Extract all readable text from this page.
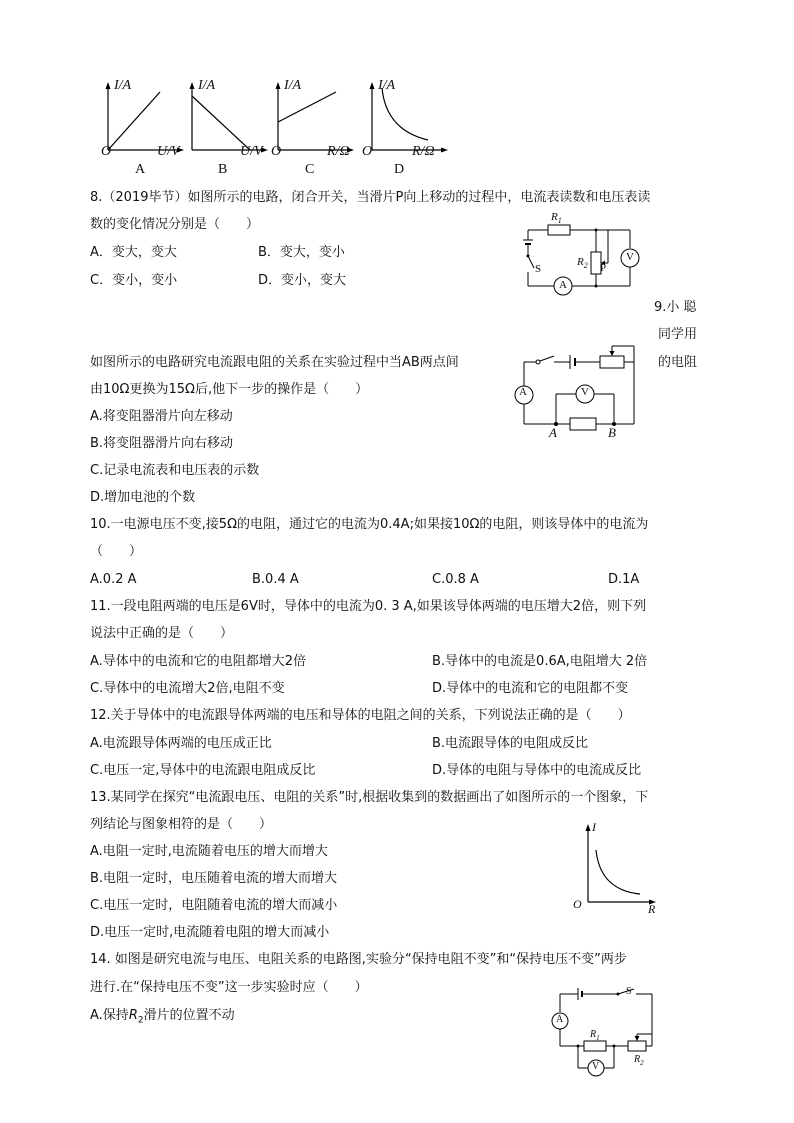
I/A
O	U/V
A
I/A
U/V
B
I/A
O	R/Ω
C
I/A
O	R/Ω
D
8.（2019毕节）如图所示的电路，闭合开关，当滑片P向上移动的过程中，电流表读数和电压表读
数的变化情况分别是（　　）
A．变大，变大	B．变大，变小
C．变小，变小	D．变小，变大
$R_1$
$R_2$ P
S
A
V
9.小 聪
同学用
如图所示的电路研究电流跟电阻的关系在实验过程中当AB两点间	的电阻
由10Ω更换为15Ω后,他下一步的操作是（　　）
A.将变阻器滑片向左移动
B.将变阻器滑片向右移动
C.记录电流表和电压表的示数
D.增加电池的个数
A	V
A	B
10.一电源电压不变,接5Ω的电阻，通过它的电流为0.4A;如果接10Ω的电阻，则该导体中的电流为
（　　）
A.0.2 A	B.0.4 A	C.0.8 A	D.1A
11.一段电阻两端的电压是6V时，导体中的电流为0. 3 A,如果该导体两端的电压增大2倍，则下列
说法中正确的是（　　）
A.导体中的电流和它的电阻都增大2倍	B.导体中的电流是0.6A,电阻增大 2倍
C.导体中的电流增大2倍,电阻不变	D.导体中的电流和它的电阻都不变
12.关于导体中的电流跟导体两端的电压和导体的电阻之间的关系，下列说法正确的是（　　）
A.电流跟导体两端的电压成正比	B.电流跟导体的电阻成反比
C.电压一定,导体中的电流跟电阻成反比	D.导体的电阻与导体中的电流成反比
13.某同学在探究“电流跟电压、电阻的关系”时,根据收集到的数据画出了如图所示的一个图象，下
列结论与图象相符的是（　　）
A.电阻一定时,电流随着电压的增大而增大
B.电阻一定时，电压随着电流的增大而增大
C.电压一定时，电阻随着电流的增大而减小
D.电压一定时,电流随着电阻的增大而减小
I
O	R
14. 如图是研究电流与电压、电阻关系的电路图,实验分“保持电阻不变”和“保持电压不变”两步
进行.在“保持电压不变”这一步实验时应（　　）
A.保持$R_2$滑片的位置不动	A
V
S
$R_1$
$R_2$
